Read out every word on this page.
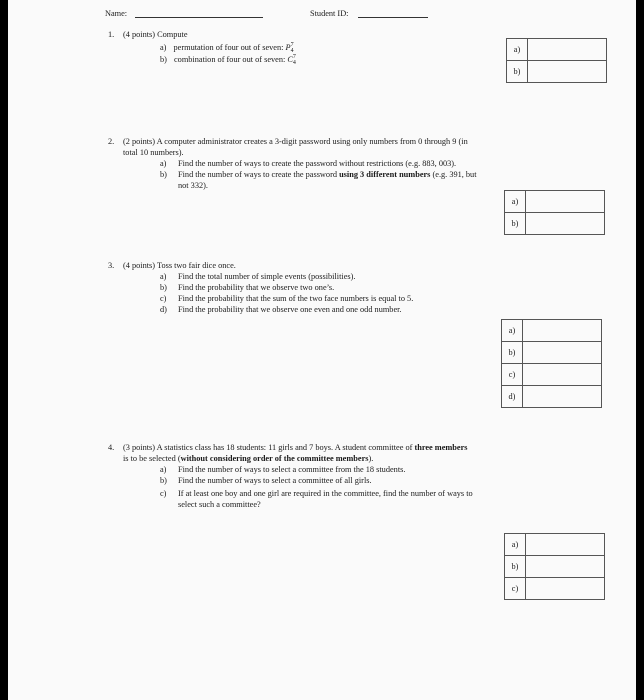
Name:	Student ID:
1. (4 points) Compute
a) permutation of four out of seven: $P^7_4$
b) combination of four out of seven: $C^7_4$
a)	
b)	
2. (2 points) A computer administrator creates a 3-digit password using only numbers from 0 through 9 (in
total 10 numbers).
a) Find the number of ways to create the password without restrictions (e.g. 883, 003).
b) Find the number of ways to create the password using 3 different numbers (e.g. 391, but
not 332).
a)	
b)	
3. (4 points) Toss two fair dice once.
a) Find the total number of simple events (possibilities).
b) Find the probability that we observe two one’s.
c) Find the probability that the sum of the two face numbers is equal to 5.
d) Find the probability that we observe one even and one odd number.
a)	
b)	
c)	
d)	
4. (3 points) A statistics class has 18 students: 11 girls and 7 boys. A student committee of three members
is to be selected (without considering order of the committee members).
a) Find the number of ways to select a committee from the 18 students.
b) Find the number of ways to select a committee of all girls.
c) If at least one boy and one girl are required in the committee, find the number of ways to
select such a committee?
a)	
b)	
c)	
